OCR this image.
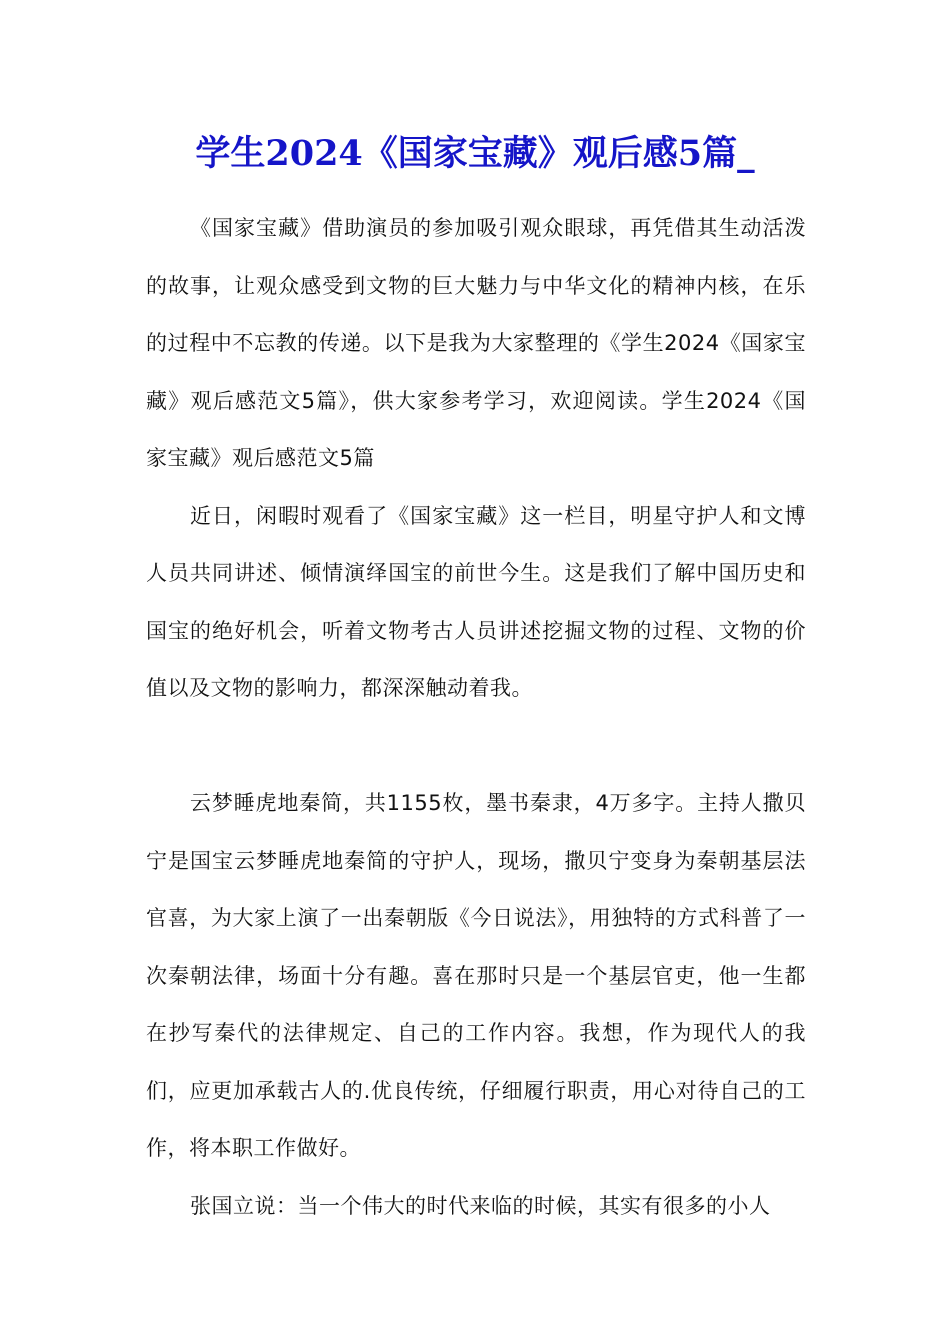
学生2024《国家宝藏》观后感5篇_

《国家宝藏》借助演员的参加吸引观众眼球，再凭借其生动活泼的故事，让观众感受到文物的巨大魅力与中华文化的精神内核，在乐的过程中不忘教的传递。以下是我为大家整理的《学生2024《国家宝藏》观后感范文5篇》，供大家参考学习，欢迎阅读。学生2024《国家宝藏》观后感范文5篇

近日，闲暇时观看了《国家宝藏》这一栏目，明星守护人和文博人员共同讲述、倾情演绎国宝的前世今生。这是我们了解中国历史和国宝的绝好机会，听着文物考古人员讲述挖掘文物的过程、文物的价值以及文物的影响力，都深深触动着我。

云梦睡虎地秦简，共1155枚，墨书秦隶，4万多字。主持人撒贝宁是国宝云梦睡虎地秦简的守护人，现场，撒贝宁变身为秦朝基层法官喜，为大家上演了一出秦朝版《今日说法》，用独特的方式科普了一次秦朝法律，场面十分有趣。喜在那时只是一个基层官吏，他一生都在抄写秦代的法律规定、自己的工作内容。我想，作为现代人的我们，应更加承载古人的.优良传统，仔细履行职责，用心对待自己的工作，将本职工作做好。

张国立说：当一个伟大的时代来临的时候，其实有很多的小人
